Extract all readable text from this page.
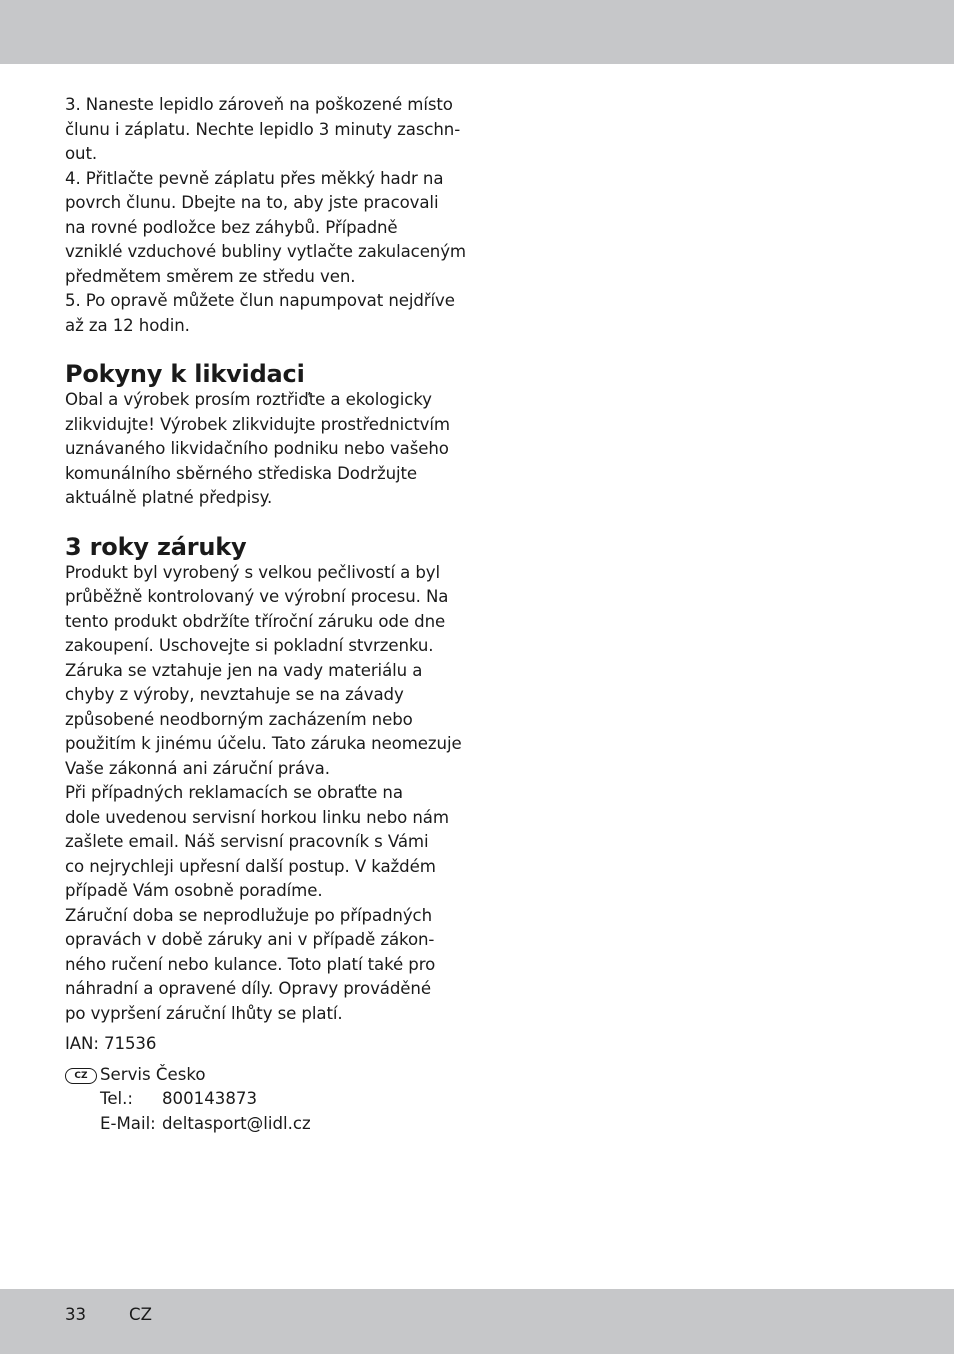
3. Naneste lepidlo zároveň na poškozené místo
člunu i záplatu. Nechte lepidlo 3 minuty zaschn-
out.

4. Přitlačte pevně záplatu přes měkký hadr na
povrch člunu. Dbejte na to, aby jste pracovali
na rovné podložce bez záhybů. Případně
vzniklé vzduchové bubliny vytlačte zakulaceným
předmětem směrem ze středu ven.

5. Po opravě můžete člun napumpovat nejdříve
až za 12 hodin.

Pokyny k likvidaci

Obal a výrobek prosím roztřiďte a ekologicky
zlikvidujte! Výrobek zlikvidujte prostřednictvím
uznávaného likvidačního podniku nebo vašeho
komunálního sběrného střediska Dodržujte
aktuálně platné předpisy.

3 roky záruky

Produkt byl vyrobený s velkou pečlivostí a byl
průběžně kontrolovaný ve výrobní procesu. Na
tento produkt obdržíte tříroční záruku ode dne
zakoupení. Uschovejte si pokladní stvrzenku.
Záruka se vztahuje jen na vady materiálu a
chyby z výroby, nevztahuje se na závady
způsobené neodborným zacházením nebo
použitím k jinému účelu. Tato záruka neomezuje
Vaše zákonná ani záruční práva.

Při případných reklamacích se obraťte na
dole uvedenou servisní horkou linku nebo nám
zašlete email. Náš servisní pracovník s Vámi
co nejrychleji upřesní další postup. V každém
případě Vám osobně poradíme.

Záruční doba se neprodlužuje po případných
opravách v době záruky ani v případě zákon-
ného ručení nebo kulance. Toto platí také pro
náhradní a opravené díly. Opravy prováděné
po vypršení záruční lhůty se platí.

IAN: 71536

CZ Servis Česko
Tel.: 800143873
E-Mail: deltasport@lidl.cz
33	CZ
